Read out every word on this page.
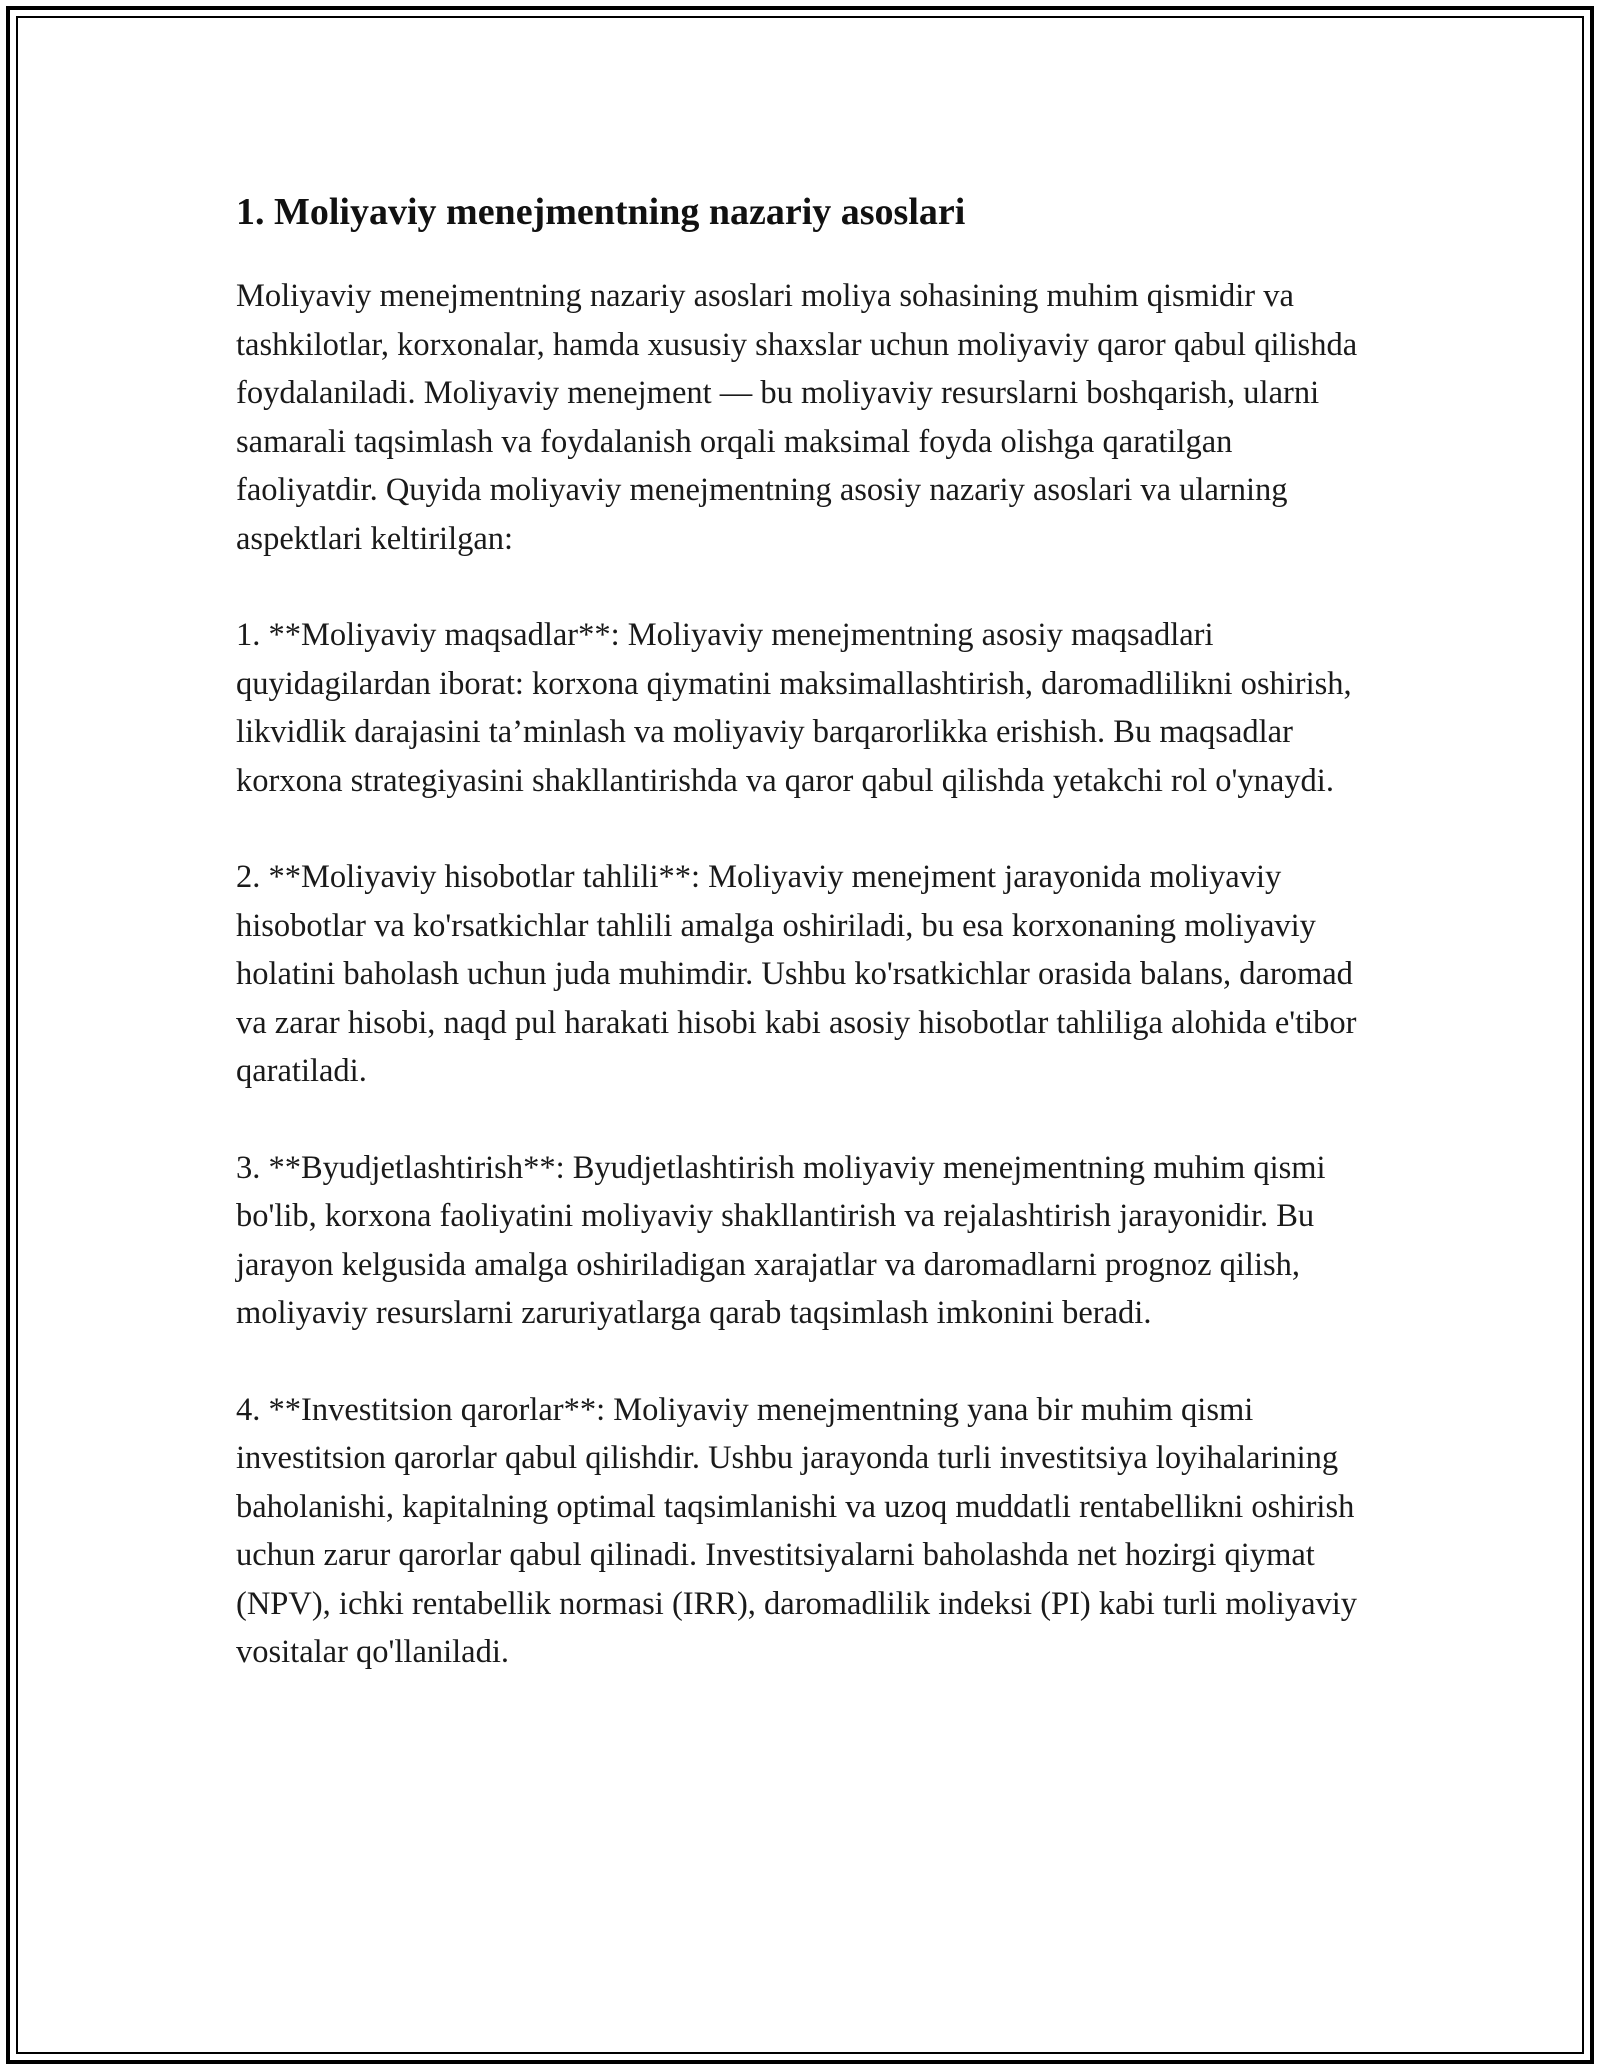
1. Moliyaviy menejmentning nazariy asoslari

Moliyaviy menejmentning nazariy asoslari moliya sohasining muhim qismidir va tashkilotlar, korxonalar, hamda xususiy shaxslar uchun moliyaviy qaror qabul qilishda foydalaniladi. Moliyaviy menejment — bu moliyaviy resurslarni boshqarish, ularni samarali taqsimlash va foydalanish orqali maksimal foyda olishga qaratilgan faoliyatdir. Quyida moliyaviy menejmentning asosiy nazariy asoslari va ularning aspektlari keltirilgan:

1. **Moliyaviy maqsadlar**: Moliyaviy menejmentning asosiy maqsadlari quyidagilardan iborat: korxona qiymatini maksimallashtirish, daromadlilikni oshirish, likvidlik darajasini ta’minlash va moliyaviy barqarorlikka erishish. Bu maqsadlar korxona strategiyasini shakllantirishda va qaror qabul qilishda yetakchi rol o'ynaydi.

2. **Moliyaviy hisobotlar tahlili**: Moliyaviy menejment jarayonida moliyaviy hisobotlar va ko'rsatkichlar tahlili amalga oshiriladi, bu esa korxonaning moliyaviy holatini baholash uchun juda muhimdir. Ushbu ko'rsatkichlar orasida balans, daromad va zarar hisobi, naqd pul harakati hisobi kabi asosiy hisobotlar tahliliga alohida e'tibor qaratiladi.

3. **Byudjetlashtirish**: Byudjetlashtirish moliyaviy menejmentning muhim qismi bo'lib, korxona faoliyatini moliyaviy shakllantirish va rejalashtirish jarayonidir. Bu jarayon kelgusida amalga oshiriladigan xarajatlar va daromadlarni prognoz qilish, moliyaviy resurslarni zaruriyatlarga qarab taqsimlash imkonini beradi.

4. **Investitsion qarorlar**: Moliyaviy menejmentning yana bir muhim qismi investitsion qarorlar qabul qilishdir. Ushbu jarayonda turli investitsiya loyihalarining baholanishi, kapitalning optimal taqsimlanishi va uzoq muddatli rentabellikni oshirish uchun zarur qarorlar qabul qilinadi. Investitsiyalarni baholashda net hozirgi qiymat (NPV), ichki rentabellik normasi (IRR), daromadlilik indeksi (PI) kabi turli moliyaviy vositalar qo'llaniladi.
